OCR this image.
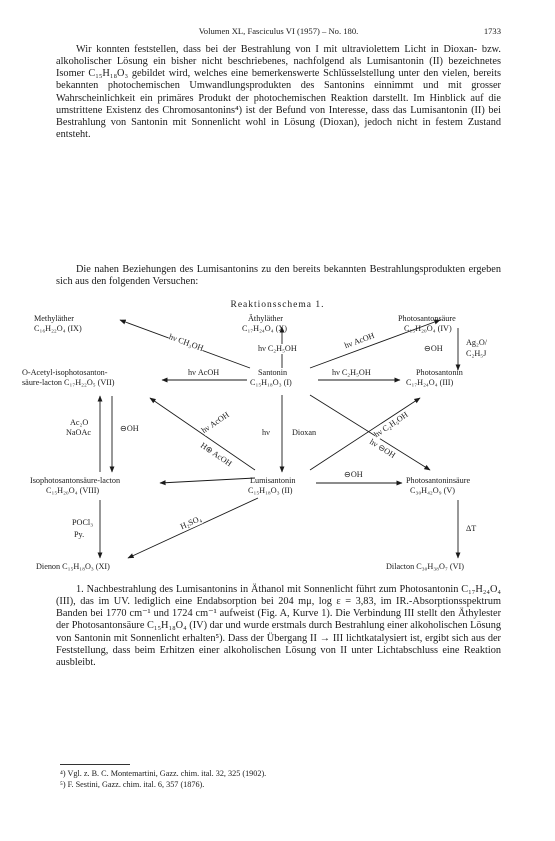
Volumen XL, Fasciculus VI (1957) – No. 180.	1733
Wir konnten feststellen, dass bei der Bestrahlung von I mit ultraviolettem Licht in Dioxan- bzw. alkoholischer Lösung ein bisher nicht beschriebenes, nachfolgend als Lumisantonin (II) bezeichnetes Isomer C₁₅H₁₈O₃ gebildet wird, welches eine bemerkenswerte Schlüsselstellung unter den vielen, bereits bekannten photochemischen Umwandlungsprodukten des Santonins einnimmt und mit grosser Wahrscheinlichkeit ein primäres Produkt der photochemischen Reaktion darstellt. Im Hinblick auf die umstrittene Existenz des Chromosantonins⁴) ist der Befund von Interesse, dass das Lumisantonin (II) bei Bestrahlung von Santonin mit Sonnenlicht wohl in Lösung (Dioxan), jedoch nicht in festem Zustand entsteht.
Die nahen Beziehungen des Lumisantonins zu den bereits bekannten Bestrahlungsprodukten ergeben sich aus den folgenden Versuchen:
Reaktionsschema 1.
Methyläther
C₁₆H₂₂O₄ (IX)
Äthyläther
C₁₇H₂₄O₄ (X)
Photosantonsäure
C₁₅H₂₀O₄ (IV)
O-Acetyl-isophotosanton-
säure-lacton C₁₇H₂₂O₅ (VII)
Santonin
C₁₅H₁₈O₃ (I)
Photosantonin
C₁₇H₂₄O₄ (III)
Isophotosantonsäure-lacton
C₁₅H₂₀O₄ (VIII)
Lumisantonin
C₁₅H₁₈O₃ (II)
Photosantoninsäure
C₃₀H₄₂O₉ (V)
Dienon C₁₅H₁₈O₃ (XI)	Dilacton C₃₀H₃₈O₇ (VI)
hν CH₃OH	hν C₂H₅OH	hν AcOH	⊖OH
Ag₂O/
C₂H₅J
hν AcOH	hν C₂H₅OH
Ac₂O
NaOAc	⊖OH	hν AcOH
H⊕ AcOH
hν	Dioxan	hν C₂H₅OH
hν ⊖OH
⊖OH
POCl₃
Py.
H₂SO₄	ΔT
1. Nachbestrahlung des Lumisantonins in Äthanol mit Sonnenlicht führt zum Photosantonin C₁₇H₂₄O₄ (III), das im UV. lediglich eine Endabsorption bei 204 mμ, log ε = 3,83, im IR.-Absorptionsspektrum Banden bei 1770 cm⁻¹ und 1724 cm⁻¹ aufweist (Fig. A, Kurve 1). Die Verbindung III stellt den Äthylester der Photosantonsäure C₁₅H₁₈O₄ (IV) dar und wurde erstmals durch Bestrahlung einer alkoholischen Lösung von Santonin mit Sonnenlicht erhalten⁵). Dass der Übergang II → III lichtkatalysiert ist, ergibt sich aus der Feststellung, dass beim Erhitzen einer alkoholischen Lösung von II unter Lichtabschluss eine Reaktion ausbleibt.
⁴) Vgl. z. B. C. Montemartini, Gazz. chim. ital. 32, 325 (1902).
⁵) F. Sestini, Gazz. chim. ital. 6, 357 (1876).
